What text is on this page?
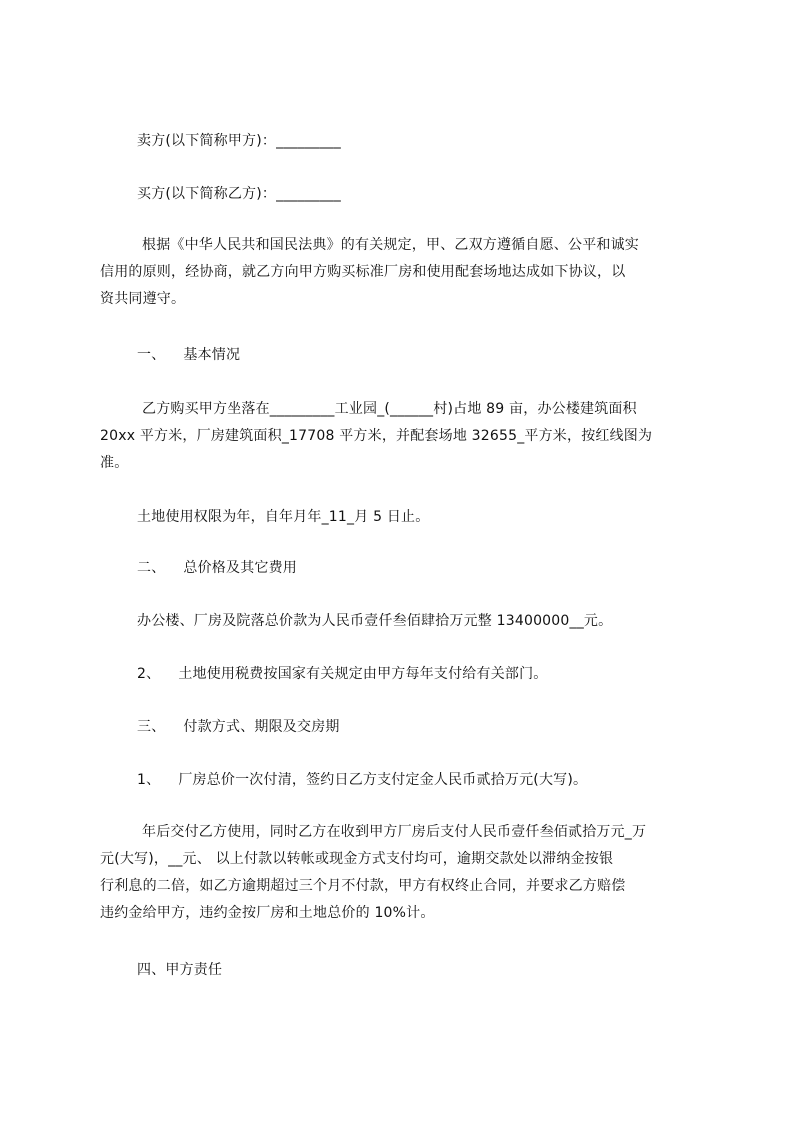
卖方(以下简称甲方)：_________
买方(以下简称乙方)：_________
根据《中华人民共和国民法典》的有关规定，甲、乙双方遵循自愿、公平和诚实
信用的原则，经协商，就乙方向甲方购买标准厂房和使用配套场地达成如下协议，以
资共同遵守。
一、 基本情况
乙方购买甲方坐落在_________工业园_(______村)占地 89 亩，办公楼建筑面积
20xx 平方米，厂房建筑面积_17708 平方米，并配套场地 32655_平方米，按红线图为
准。
土地使用权限为年，自年月年_11_月 5 日止。
二、 总价格及其它费用
办公楼、厂房及院落总价款为人民币壹仟叁佰肆拾万元整 13400000__元。
2、 土地使用税费按国家有关规定由甲方每年支付给有关部门。
三、 付款方式、期限及交房期
1、 厂房总价一次付清，签约日乙方支付定金人民币贰拾万元(大写)。
年后交付乙方使用，同时乙方在收到甲方厂房后支付人民币壹仟叁佰贰拾万元_万
元(大写)，__元、 以上付款以转帐或现金方式支付均可，逾期交款处以滞纳金按银
行利息的二倍，如乙方逾期超过三个月不付款，甲方有权终止合同，并要求乙方赔偿
违约金给甲方，违约金按厂房和土地总价的 10%计。
四、甲方责任
